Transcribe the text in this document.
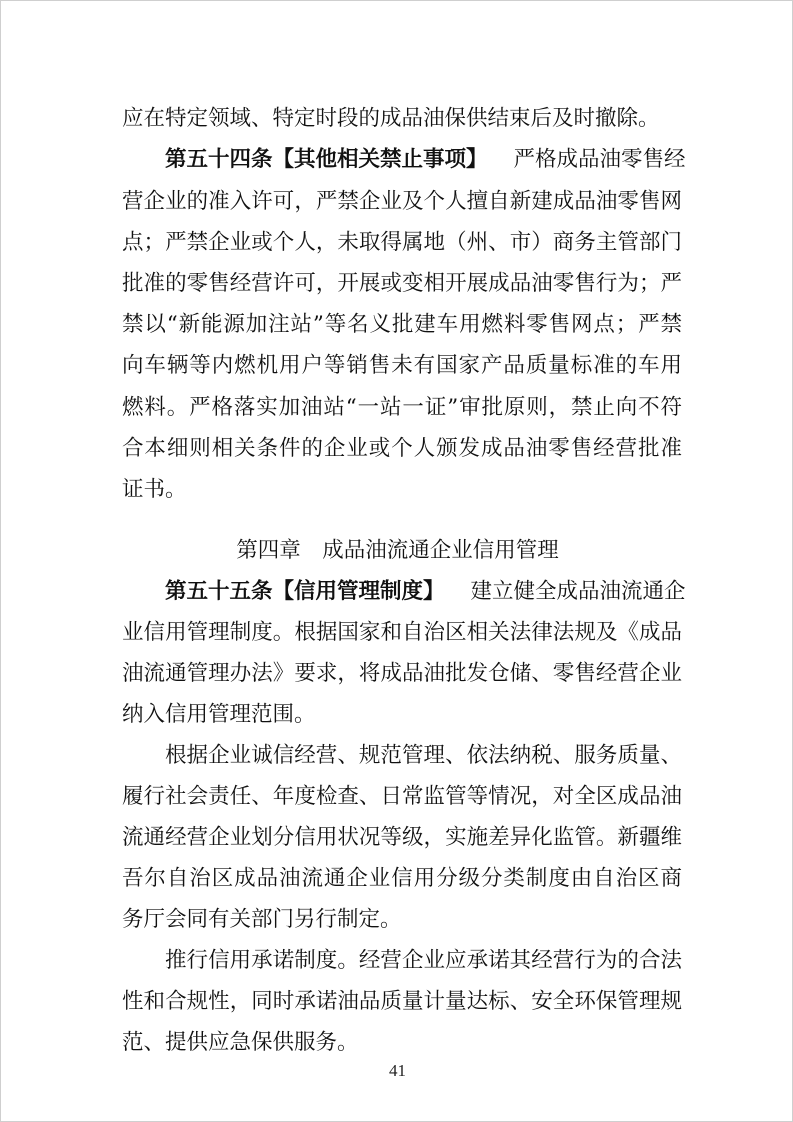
应在特定领域、特定时段的成品油保供结束后及时撤除。
第五十四条【其他相关禁止事项】 严格成品油零售经
营企业的准入许可，严禁企业及个人擅自新建成品油零售网
点；严禁企业或个人，未取得属地（州、市）商务主管部门
批准的零售经营许可，开展或变相开展成品油零售行为；严
禁以“新能源加注站”等名义批建车用燃料零售网点；严禁
向车辆等内燃机用户等销售未有国家产品质量标准的车用
燃料。严格落实加油站“一站一证”审批原则，禁止向不符
合本细则相关条件的企业或个人颁发成品油零售经营批准
证书。
第四章　成品油流通企业信用管理
第五十五条【信用管理制度】 建立健全成品油流通企
业信用管理制度。根据国家和自治区相关法律法规及《成品
油流通管理办法》要求，将成品油批发仓储、零售经营企业
纳入信用管理范围。
根据企业诚信经营、规范管理、依法纳税、服务质量、
履行社会责任、年度检查、日常监管等情况，对全区成品油
流通经营企业划分信用状况等级，实施差异化监管。新疆维
吾尔自治区成品油流通企业信用分级分类制度由自治区商
务厅会同有关部门另行制定。
推行信用承诺制度。经营企业应承诺其经营行为的合法
性和合规性，同时承诺油品质量计量达标、安全环保管理规
范、提供应急保供服务。
41
